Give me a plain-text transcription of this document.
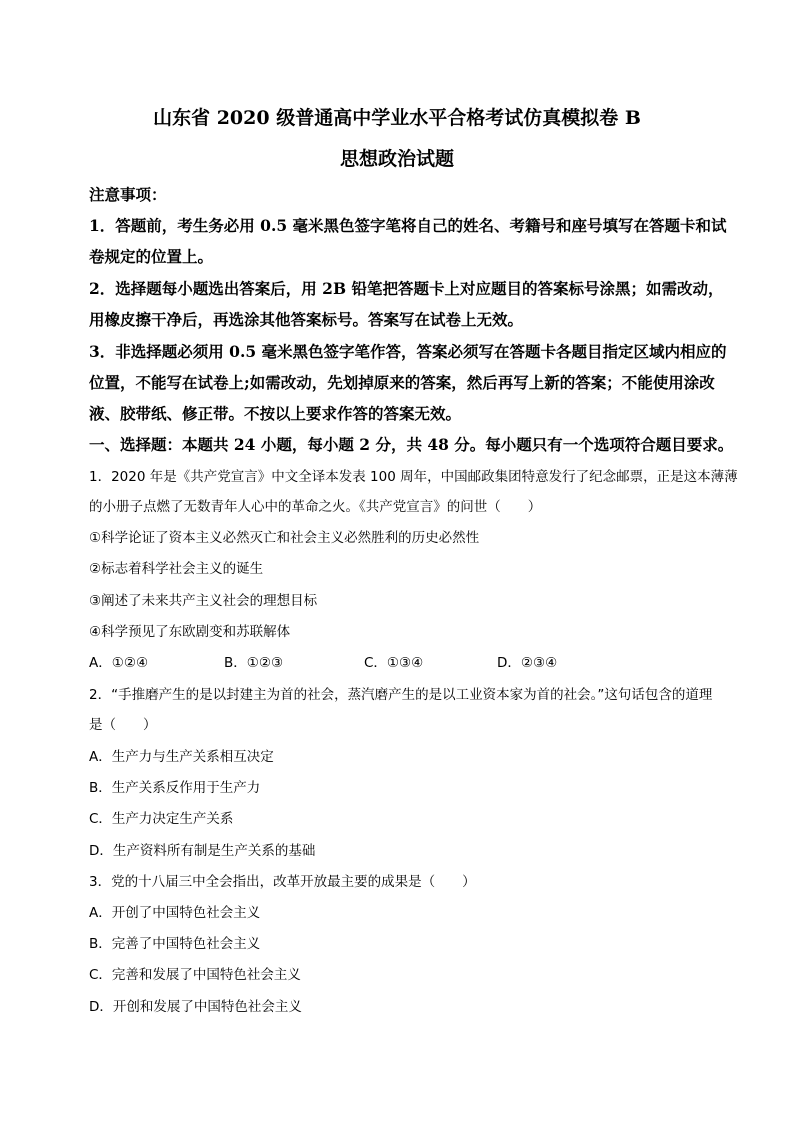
山东省 2020 级普通高中学业水平合格考试仿真模拟卷 B
思想政治试题
注意事项：
1．答题前，考生务必用 0.5 毫米黑色签字笔将自己的姓名、考籍号和座号填写在答题卡和试
卷规定的位置上。
2．选择题每小题选出答案后，用 2B 铅笔把答题卡上对应题目的答案标号涂黑；如需改动，
用橡皮擦干净后，再选涂其他答案标号。答案写在试卷上无效。
3．非选择题必须用 0.5 毫米黑色签字笔作答，答案必须写在答题卡各题目指定区域内相应的
位置，不能写在试卷上;如需改动，先划掉原来的答案，然后再写上新的答案；不能使用涂改
液、胶带纸、修正带。不按以上要求作答的答案无效。
一、选择题：本题共 24 小题，每小题 2 分，共 48 分。每小题只有一个选项符合题目要求。
1．2020 年是《共产党宣言》中文全译本发表 100 周年，中国邮政集团特意发行了纪念邮票，正是这本薄薄
的小册子点燃了无数青年人心中的革命之火。《共产党宣言》的问世（　　）
①科学论证了资本主义必然灭亡和社会主义必然胜利的历史必然性
②标志着科学社会主义的诞生
③阐述了未来共产主义社会的理想目标
④科学预见了东欧剧变和苏联解体
A．①②④	B．①②③	C．①③④	D．②③④
2．“手推磨产生的是以封建主为首的社会，蒸汽磨产生的是以工业资本家为首的社会。”这句话包含的道理
是（　　）
A．生产力与生产关系相互决定
B．生产关系反作用于生产力
C．生产力决定生产关系
D．生产资料所有制是生产关系的基础
3．党的十八届三中全会指出，改革开放最主要的成果是（　　）
A．开创了中国特色社会主义
B．完善了中国特色社会主义
C．完善和发展了中国特色社会主义
D．开创和发展了中国特色社会主义
